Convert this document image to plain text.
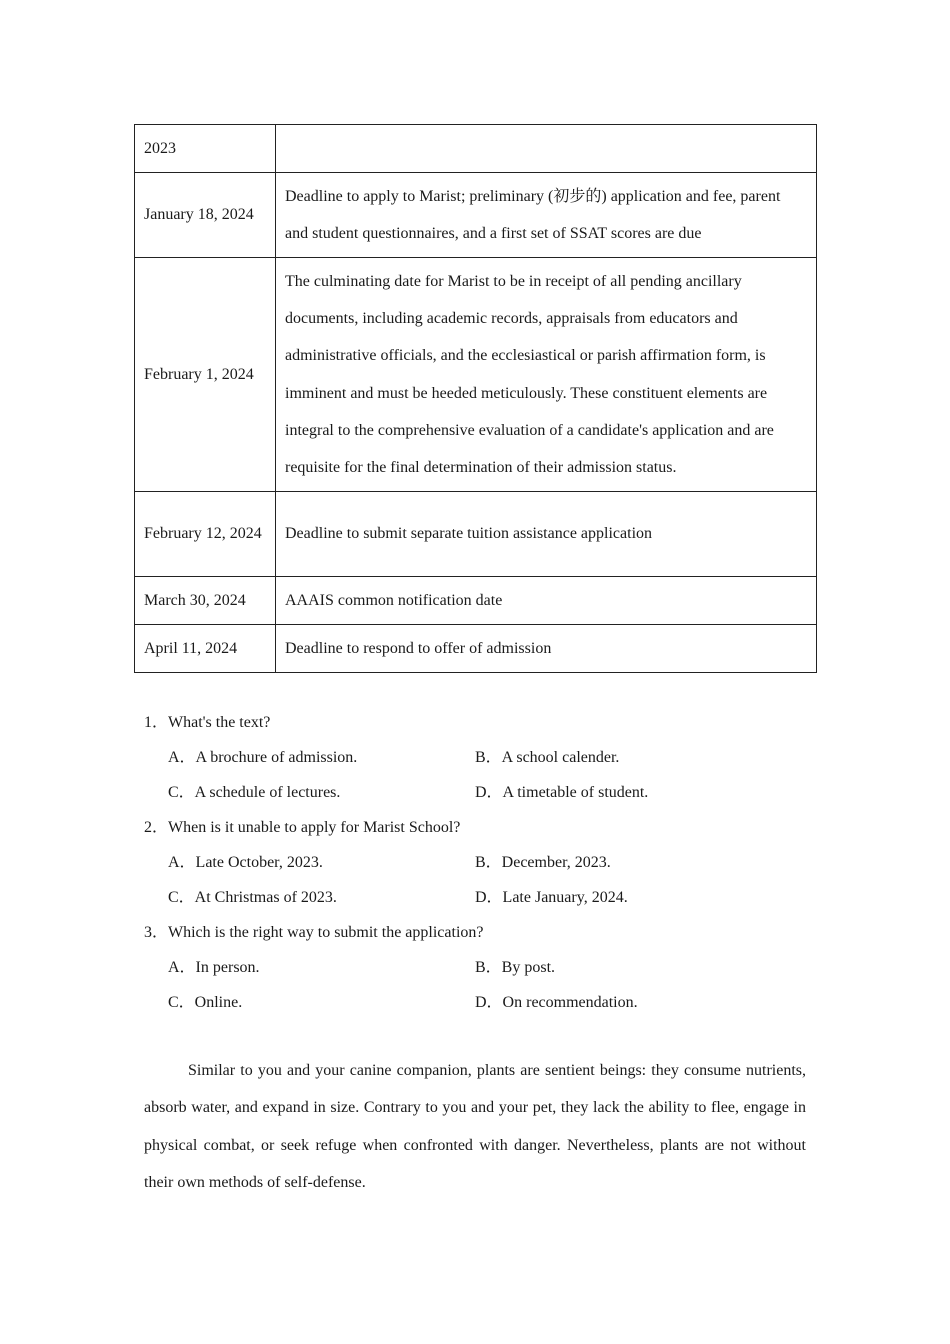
2023	
January 18, 2024	Deadline to apply to Marist; preliminary (初步的) application and fee, parent and student questionnaires, and a first set of SSAT scores are due
February 1, 2024	The culminating date for Marist to be in receipt of all pending ancillary documents, including academic records, appraisals from educators and administrative officials, and the ecclesiastical or parish affirmation form, is imminent and must be heeded meticulously. These constituent elements are integral to the comprehensive evaluation of a candidate's application and are requisite for the final determination of their admission status.
February 12, 2024	Deadline to submit separate tuition assistance application
March 30, 2024	AAAIS common notification date
April 11, 2024	Deadline to respond to offer of admission
1．What's the text?
A．A brochure of admission.	B．A school calender.
C．A schedule of lectures.	D．A timetable of student.
2．When is it unable to apply for Marist School?
A．Late October, 2023.	B．December, 2023.
C．At Christmas of 2023.	D．Late January, 2024.
3．Which is the right way to submit the application?
A．In person.	B．By post.
C．Online.	D．On recommendation.

Similar to you and your canine companion, plants are sentient beings: they consume nutrients, absorb water, and expand in size. Contrary to you and your pet, they lack the ability to flee, engage in physical combat, or seek refuge when confronted with danger. Nevertheless, plants are not without their own methods of self-defense.
